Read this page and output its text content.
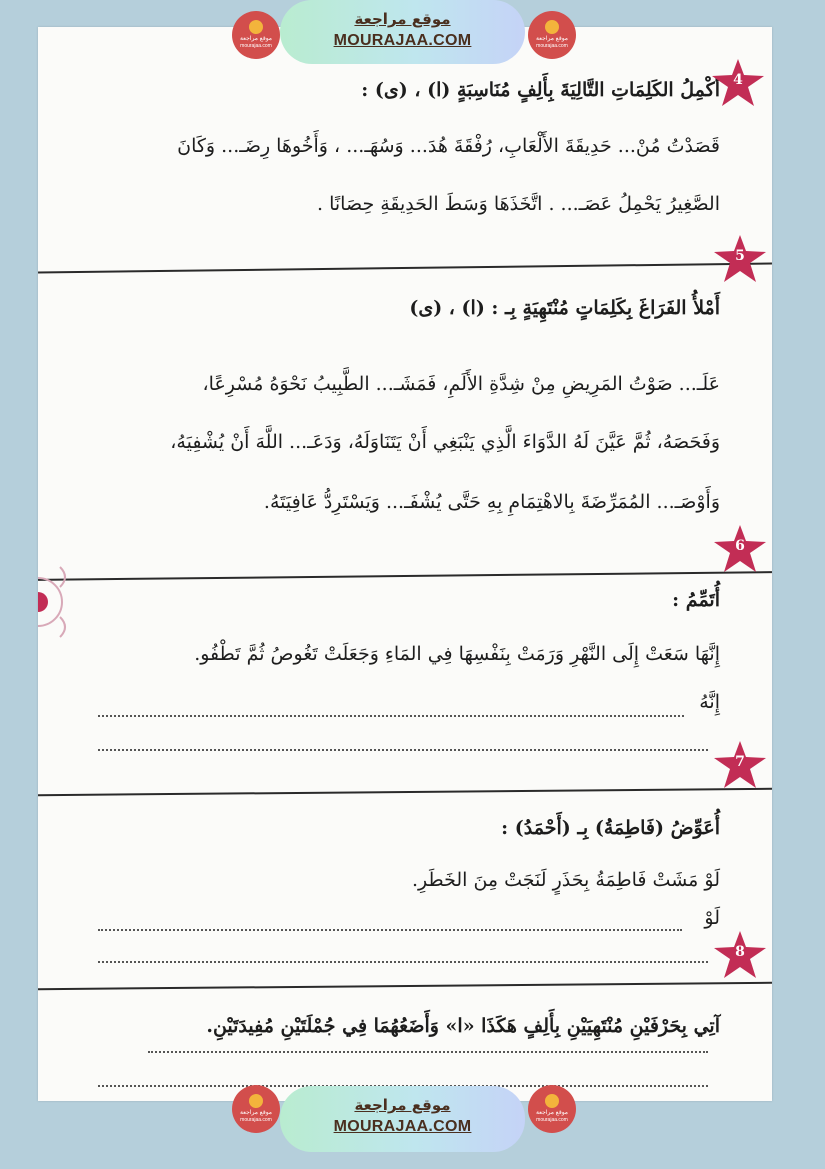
موقع مراجعة
mourajaa.com
موقع مراجعة
MOURAJAA.COM	موقع مراجعة
mourajaa.com
4
أكْمِلُ الكَلِمَاتِ التَّالِيَةَ بِأَلِفٍ مُنَاسِبَةٍ (ا) ، (ى) :
قَصَدْتُ مُنْ... حَدِيقَةَ الأَلْعَابِ، رُفْقَةَ هُدَ... وَسُهَـ... ، وَأَخُوهَا رِضَـ... وَكَانَ
الصَّغِيرُ يَحْمِلُ عَصَـ... . اتَّخَذَهَا وَسَطَ الحَدِيقَةِ حِصَانًا .
5
أَمْلأُ الفَرَاغَ بِكَلِمَاتٍ مُنْتَهِيَةٍ بِـ : (ا) ، (ى)
عَلَـ... صَوْتُ المَرِيضِ مِنْ شِدَّةِ الأَلَمِ، فَمَشَـ... الطَّبِيبُ نَحْوَهُ مُسْرِعًا،
وَفَحَصَهُ، ثُمَّ عَيَّنَ لَهُ الدَّوَاءَ الَّذِي يَنْبَغِي أَنْ يَتَنَاوَلَهُ، وَدَعَـ... اللَّهَ أَنْ يُشْفِيَهُ،
وَأَوْصَـ... المُمَرِّضَةَ بِالاهْتِمَامِ بِهِ حَتَّى يُشْفَـ... وَيَسْتَرِدُّ عَافِيَتَهُ.
6
أُتَمِّمُ :
إِنَّهَا سَعَتْ إِلَى النَّهْرِ وَرَمَتْ بِنَفْسِهَا فِي المَاءِ وَجَعَلَتْ تَغُوصُ ثُمَّ تَطْفُو.
إِنَّهُ
7
أُعَوِّضُ (فَاطِمَةُ) بِـ (أَحْمَدُ) :
لَوْ مَشَتْ فَاطِمَةُ بِحَذَرٍ لَنَجَتْ مِنَ الخَطَرِ.
لَوْ
8
آتِي بِحَرْفَيْنِ مُنْتَهِيَيْنِ بِأَلِفٍ هَكَذَا «ا» وَأَضَعُهُمَا فِي جُمْلَتَيْنِ مُفِيدَتَيْنِ.
موقع مراجعة
mourajaa.com
موقع مراجعة
MOURAJAA.COM
موقع مراجعة
mourajaa.com
